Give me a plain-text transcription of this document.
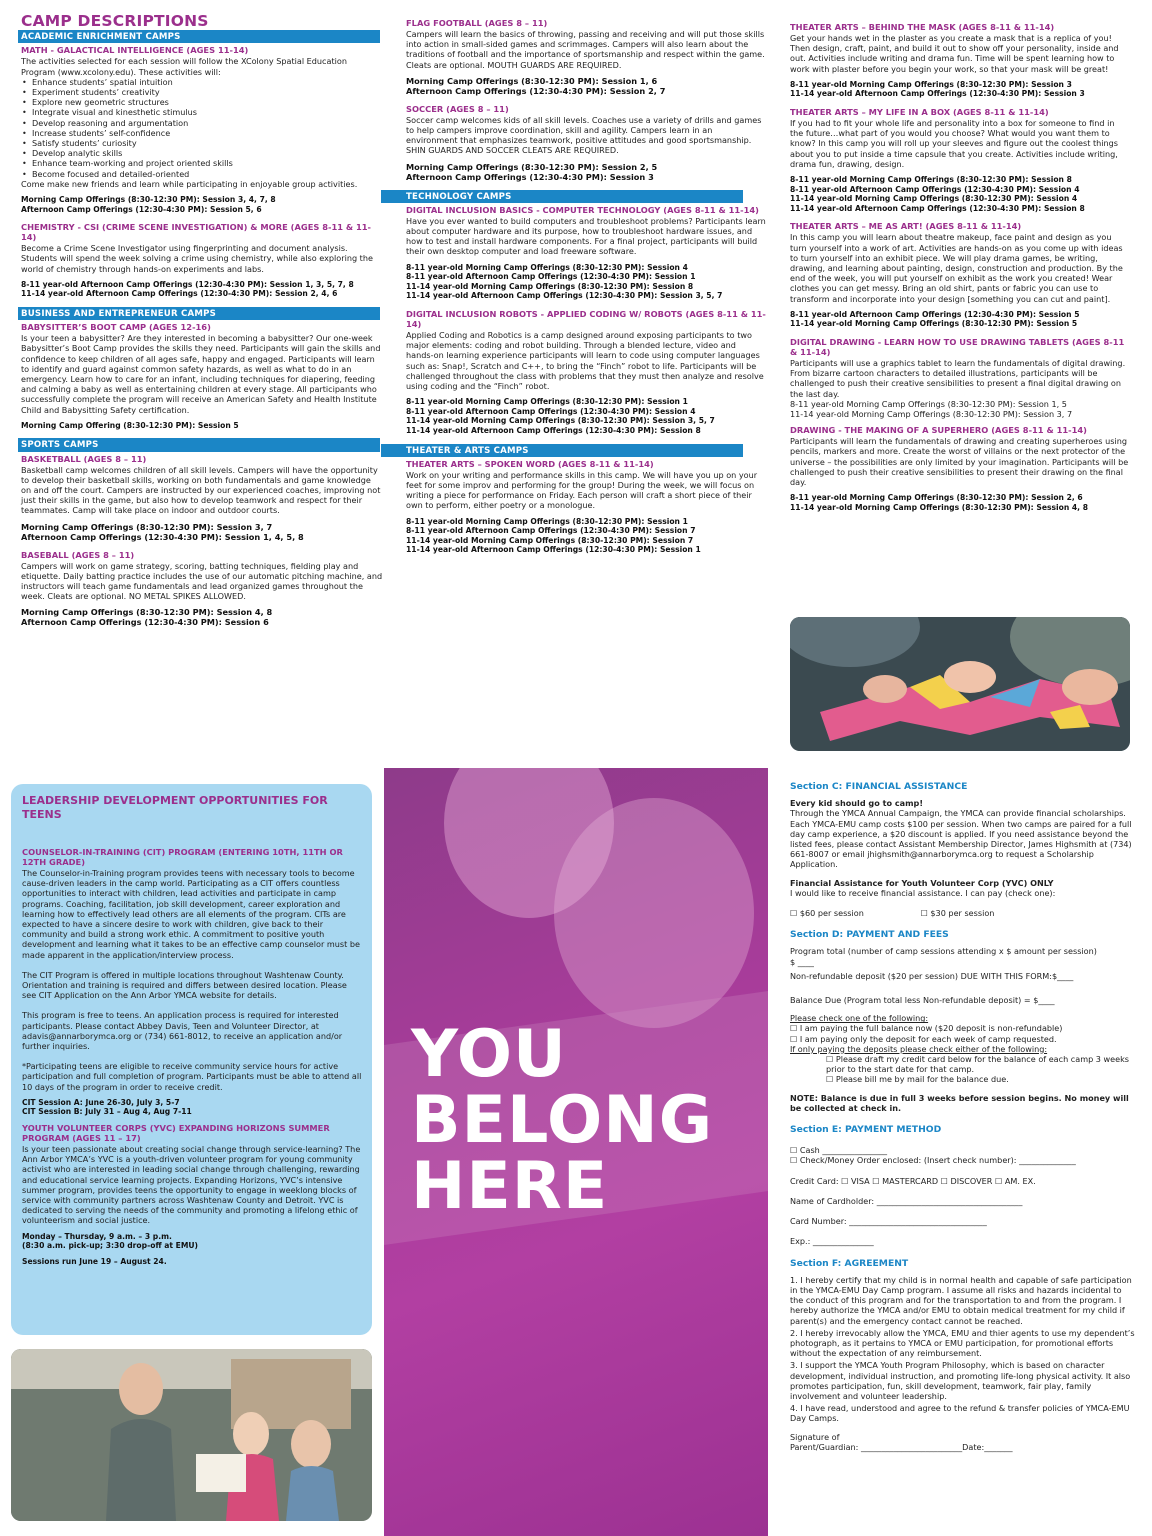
CAMP DESCRIPTIONS
ACADEMIC ENRICHMENT CAMPS
MATH - GALACTICAL INTELLIGENCE (AGES 11-14)
The activities selected for each session will follow the XColony Spatial Education Program (www.xcolony.edu). These activities will:
• Enhance students’ spatial intuition
• Experiment students’ creativity
• Explore new geometric structures
• Integrate visual and kinesthetic stimulus
• Develop reasoning and argumentation
• Increase students’ self-confidence
• Satisfy students’ curiosity
• Develop analytic skills
• Enhance team-working and project oriented skills
• Become focused and detailed-oriented
Come make new friends and learn while participating in enjoyable group activities.
Morning Camp Offerings (8:30-12:30 PM): Session 3, 4, 7, 8
Afternoon Camp Offerings (12:30-4:30 PM): Session 5, 6
CHEMISTRY - CSI (CRIME SCENE INVESTIGATION) & MORE (AGES 8-11 & 11-14)
Become a Crime Scene Investigator using fingerprinting and document analysis. Students will spend the week solving a crime using chemistry, while also exploring the world of chemistry through hands-on experiments and labs.
8-11 year-old Afternoon Camp Offerings (12:30-4:30 PM): Session 1, 3, 5, 7, 8
11-14 year-old Afternoon Camp Offerings (12:30-4:30 PM): Session 2, 4, 6
BUSINESS AND ENTREPRENEUR CAMPS
BABYSITTER’S BOOT CAMP (AGES 12-16)
Is your teen a babysitter? Are they interested in becoming a babysitter? Our one-week Babysitter’s Boot Camp provides the skills they need. Participants will gain the skills and confidence to keep children of all ages safe, happy and engaged. Participants will learn to identify and guard against common safety hazards, as well as what to do in an emergency. Learn how to care for an infant, including techniques for diapering, feeding and calming a baby as well as entertaining children at every stage. All participants who successfully complete the program will receive an American Safety and Health Institute Child and Babysitting Safety certification.
Morning Camp Offering (8:30-12:30 PM): Session 5
SPORTS CAMPS
BASKETBALL (AGES 8 – 11)
Basketball camp welcomes children of all skill levels. Campers will have the opportunity to develop their basketball skills, working on both fundamentals and game knowledge on and off the court. Campers are instructed by our experienced coaches, improving not just their skills in the game, but also how to develop teamwork and respect for their teammates. Camp will take place on indoor and outdoor courts.
Morning Camp Offerings (8:30-12:30 PM): Session 3, 7
Afternoon Camp Offerings (12:30-4:30 PM): Session 1, 4, 5, 8
BASEBALL (AGES 8 – 11)
Campers will work on game strategy, scoring, batting techniques, fielding play and etiquette. Daily batting practice includes the use of our automatic pitching machine, and instructors will teach game fundamentals and lead organized games throughout the week. Cleats are optional. NO METAL SPIKES ALLOWED.
Morning Camp Offerings (8:30-12:30 PM): Session 4, 8
Afternoon Camp Offerings (12:30-4:30 PM): Session 6
FLAG FOOTBALL (AGES 8 – 11)
Campers will learn the basics of throwing, passing and receiving and will put those skills into action in small-sided games and scrimmages. Campers will also learn about the traditions of football and the importance of sportsmanship and respect within the game. Cleats are optional. MOUTH GUARDS ARE REQUIRED.
Morning Camp Offerings (8:30-12:30 PM): Session 1, 6
Afternoon Camp Offerings (12:30-4:30 PM): Session 2, 7
SOCCER (AGES 8 – 11)
Soccer camp welcomes kids of all skill levels. Coaches use a variety of drills and games to help campers improve coordination, skill and agility. Campers learn in an environment that emphasizes teamwork, positive attitudes and good sportsmanship. SHIN GUARDS AND SOCCER CLEATS ARE REQUIRED.
Morning Camp Offerings (8:30-12:30 PM): Session 2, 5
Afternoon Camp Offerings (12:30-4:30 PM): Session 3
TECHNOLOGY CAMPS
DIGITAL INCLUSION BASICS - COMPUTER TECHNOLOGY (AGES 8-11 & 11-14)
Have you ever wanted to build computers and troubleshoot problems? Participants learn about computer hardware and its purpose, how to troubleshoot hardware issues, and how to test and install hardware components. For a final project, participants will build their own desktop computer and load freeware software.
8-11 year-old Morning Camp Offerings (8:30-12:30 PM): Session 4
8-11 year-old Afternoon Camp Offerings (12:30-4:30 PM): Session 1
11-14 year-old Morning Camp Offerings (8:30-12:30 PM): Session 8
11-14 year-old Afternoon Camp Offerings (12:30-4:30 PM): Session 3, 5, 7
DIGITAL INCLUSION ROBOTS - APPLIED CODING W/ ROBOTS (AGES 8-11 & 11-14)
Applied Coding and Robotics is a camp designed around exposing participants to two major elements: coding and robot building. Through a blended lecture, video and hands-on learning experience participants will learn to code using computer languages such as: Snap!, Scratch and C++, to bring the “Finch” robot to life. Participants will be challenged throughout the class with problems that they must then analyze and resolve using coding and the “Finch” robot.
8-11 year-old Morning Camp Offerings (8:30-12:30 PM): Session 1
8-11 year-old Afternoon Camp Offerings (12:30-4:30 PM): Session 4
11-14 year-old Morning Camp Offerings (8:30-12:30 PM): Session 3, 5, 7
11-14 year-old Afternoon Camp Offerings (12:30-4:30 PM): Session 8
THEATER & ARTS CAMPS
THEATER ARTS – SPOKEN WORD (AGES 8-11 & 11-14)
Work on your writing and performance skills in this camp. We will have you up on your feet for some improv and performing for the group! During the week, we will focus on writing a piece for performance on Friday. Each person will craft a short piece of their own to perform, either poetry or a monologue.
8-11 year-old Morning Camp Offerings (8:30-12:30 PM): Session 1
8-11 year-old Afternoon Camp Offerings (12:30-4:30 PM): Session 7
11-14 year-old Morning Camp Offerings (8:30-12:30 PM): Session 7
11-14 year-old Afternoon Camp Offerings (12:30-4:30 PM): Session 1
THEATER ARTS – BEHIND THE MASK (AGES 8-11 & 11-14)
Get your hands wet in the plaster as you create a mask that is a replica of you! Then design, craft, paint, and build it out to show off your personality, inside and out. Activities include writing and drama fun. Time will be spent learning how to work with plaster before you begin your work, so that your mask will be great!
8-11 year-old Morning Camp Offerings (8:30-12:30 PM): Session 3
11-14 year-old Afternoon Camp Offerings (12:30-4:30 PM): Session 3
THEATER ARTS – MY LIFE IN A BOX (AGES 8-11 & 11-14)
If you had to fit your whole life and personality into a box for someone to find in the future…what part of you would you choose? What would you want them to know? In this camp you will roll up your sleeves and figure out the coolest things about you to put inside a time capsule that you create. Activities include writing, drama fun, drawing, design.
8-11 year-old Morning Camp Offerings (8:30-12:30 PM): Session 8
8-11 year-old Afternoon Camp Offerings (12:30-4:30 PM): Session 4
11-14 year-old Morning Camp Offerings (8:30-12:30 PM): Session 4
11-14 year-old Afternoon Camp Offerings (12:30-4:30 PM): Session 8
THEATER ARTS – ME AS ART! (AGES 8-11 & 11-14)
In this camp you will learn about theatre makeup, face paint and design as you turn yourself into a work of art. Activities are hands-on as you come up with ideas to turn yourself into an exhibit piece. We will play drama games, be writing, drawing, and learning about painting, design, construction and production. By the end of the week, you will put yourself on exhibit as the work you created! Wear clothes you can get messy. Bring an old shirt, pants or fabric you can use to transform and incorporate into your design [something you can cut and paint].
8-11 year-old Afternoon Camp Offerings (12:30-4:30 PM): Session 5
11-14 year-old Morning Camp Offerings (8:30-12:30 PM): Session 5
DIGITAL DRAWING - LEARN HOW TO USE DRAWING TABLETS (AGES 8-11 & 11-14)
Participants will use a graphics tablet to learn the fundamentals of digital drawing. From bizarre cartoon characters to detailed illustrations, participants will be challenged to push their creative sensibilities to present a final digital drawing on the last day.
8-11 year-old Morning Camp Offerings (8:30-12:30 PM): Session 1, 5
11-14 year-old Morning Camp Offerings (8:30-12:30 PM): Session 3, 7
DRAWING - THE MAKING OF A SUPERHERO (AGES 8-11 & 11-14)
Participants will learn the fundamentals of drawing and creating superheroes using pencils, markers and more. Create the worst of villains or the next protector of the universe – the possibilities are only limited by your imagination. Participants will be challenged to push their creative sensibilities to present their drawing on the final day.
8-11 year-old Morning Camp Offerings (8:30-12:30 PM): Session 2, 6
11-14 year-old Morning Camp Offerings (8:30-12:30 PM): Session 4, 8
LEADERSHIP DEVELOPMENT OPPORTUNITIES FOR TEENS
COUNSELOR-IN-TRAINING (CIT) PROGRAM (ENTERING 10TH, 11TH OR 12TH GRADE)
The Counselor-in-Training program provides teens with necessary tools to become cause-driven leaders in the camp world. Participating as a CIT offers countless opportunities to interact with children, lead activities and participate in camp programs. Coaching, facilitation, job skill development, career exploration and learning how to effectively lead others are all elements of the program. CITs are expected to have a sincere desire to work with children, give back to their community and build a strong work ethic. A commitment to positive youth development and learning what it takes to be an effective camp counselor must be made apparent in the application/interview process.
The CIT Program is offered in multiple locations throughout Washtenaw County. Orientation and training is required and differs between desired location. Please see CIT Application on the Ann Arbor YMCA website for details.
This program is free to teens. An application process is required for interested participants. Please contact Abbey Davis, Teen and Volunteer Director, at adavis@annarborymca.org or (734) 661-8012, to receive an application and/or further inquiries.
*Participating teens are eligible to receive community service hours for active participation and full completion of program. Participants must be able to attend all 10 days of the program in order to receive credit.
CIT Session A: June 26-30, July 3, 5-7
CIT Session B: July 31 – Aug 4, Aug 7-11
YOUTH VOLUNTEER CORPS (YVC) EXPANDING HORIZONS SUMMER PROGRAM (AGES 11 – 17)
Is your teen passionate about creating social change through service-learning? The Ann Arbor YMCA’s YVC is a youth-driven volunteer program for young community activist who are interested in leading social change through challenging, rewarding and educational service learning projects. Expanding Horizons, YVC’s intensive summer program, provides teens the opportunity to engage in weeklong blocks of service with community partners across Washtenaw County and Detroit. YVC is dedicated to serving the needs of the community and promoting a lifelong ethic of volunteerism and social justice.
Monday – Thursday, 9 a.m. – 3 p.m.
(8:30 a.m. pick-up; 3:30 drop-off at EMU)
Sessions run June 19 – August 24.
YOU
BELONG
HERE
Section C: FINANCIAL ASSISTANCE
Every kid should go to camp!
Through the YMCA Annual Campaign, the YMCA can provide financial scholarships. Each YMCA-EMU camp costs $100 per session. When two camps are paired for a full day camp experience, a $20 discount is applied. If you need assistance beyond the listed fees, please contact Assistant Membership Director, James Highsmith at (734) 661-8007 or email jhighsmith@annarborymca.org to request a Scholarship Application.
Financial Assistance for Youth Volunteer Corp (YVC) ONLY
I would like to receive financial assistance. I can pay (check one):
☐ $60 per session	☐ $30 per session
Section D: PAYMENT AND FEES
Program total (number of camp sessions attending x $ amount per session)
$ ____
Non-refundable deposit ($20 per session) DUE WITH THIS FORM:$____
Balance Due (Program total less Non-refundable deposit) = $____
Please check one of the following:
☐ I am paying the full balance now ($20 deposit is non-refundable)
☐ I am paying only the deposit for each week of camp requested.
If only paying the deposits please check either of the following:
☐ Please draft my credit card below for the balance of each camp 3 weeks prior to the start date for that camp.
☐ Please bill me by mail for the balance due.
NOTE: Balance is due in full 3 weeks before session begins. No money will be collected at check in.
Section E: PAYMENT METHOD
☐ Cash ________________
☐ Check/Money Order enclosed: (Insert check number): ______________
Credit Card: ☐ VISA ☐ MASTERCARD ☐ DISCOVER ☐ AM. EX.
Name of Cardholder: ____________________________________
Card Number: __________________________________
Exp.: _______________
Section F: AGREEMENT
1. I hereby certify that my child is in normal health and capable of safe participation in the YMCA-EMU Day Camp program. I assume all risks and hazards incidental to the conduct of this program and for the transportation to and from the program. I hereby authorize the YMCA and/or EMU to obtain medical treatment for my child if parent(s) and the emergency contact cannot be reached.
2. I hereby irrevocably allow the YMCA, EMU and thier agents to use my dependent’s photograph, as it pertains to YMCA or EMU participation, for promotional efforts without the expectation of any reimbursement.
3. I support the YMCA Youth Program Philosophy, which is based on character development, individual instruction, and promoting life-long physical activity. It also promotes participation, fun, skill development, teamwork, fair play, family involvement and volunteer leadership.
4. I have read, understood and agree to the refund & transfer policies of YMCA-EMU Day Camps.
Signature of
Parent/Guardian: _________________________Date:_______
